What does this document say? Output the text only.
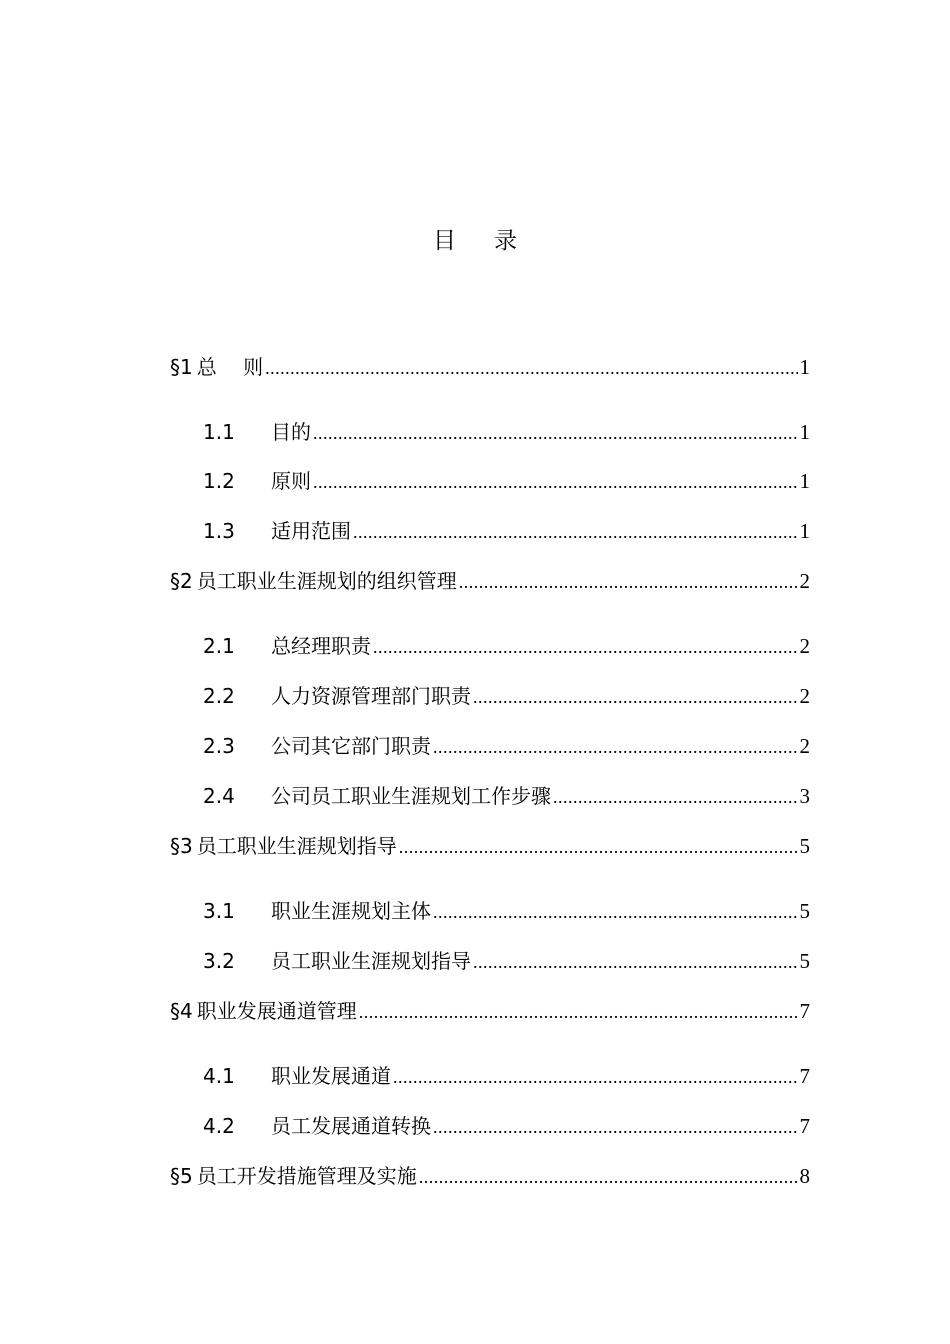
目 录
§1 总　 则 .....	1
1.1	目的 .....	1
1.2	原则 .....	1
1.3	适用范围 .....	1
§2 员工职业生涯规划的组织管理 .....	2
2.1	总经理职责 .....	2
2.2	人力资源管理部门职责 .....	2
2.3	公司其它部门职责 .....	2
2.4	公司员工职业生涯规划工作步骤 .....	3
§3 员工职业生涯规划指导 .....	5
3.1	职业生涯规划主体 .....	5
3.2	员工职业生涯规划指导 .....	5
§4 职业发展通道管理 .....	7
4.1	职业发展通道 .....	7
4.2	员工发展通道转换 .....	7
§5 员工开发措施管理及实施 .....	8
